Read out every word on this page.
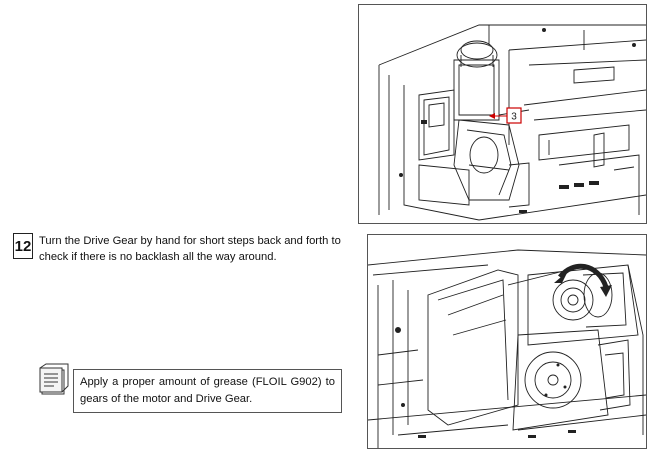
3
12 Turn the Drive Gear by hand for short steps back and forth to check if there is no backlash all the way around.
Apply a proper amount of grease (FLOIL G902) to gears of the motor and Drive Gear.
